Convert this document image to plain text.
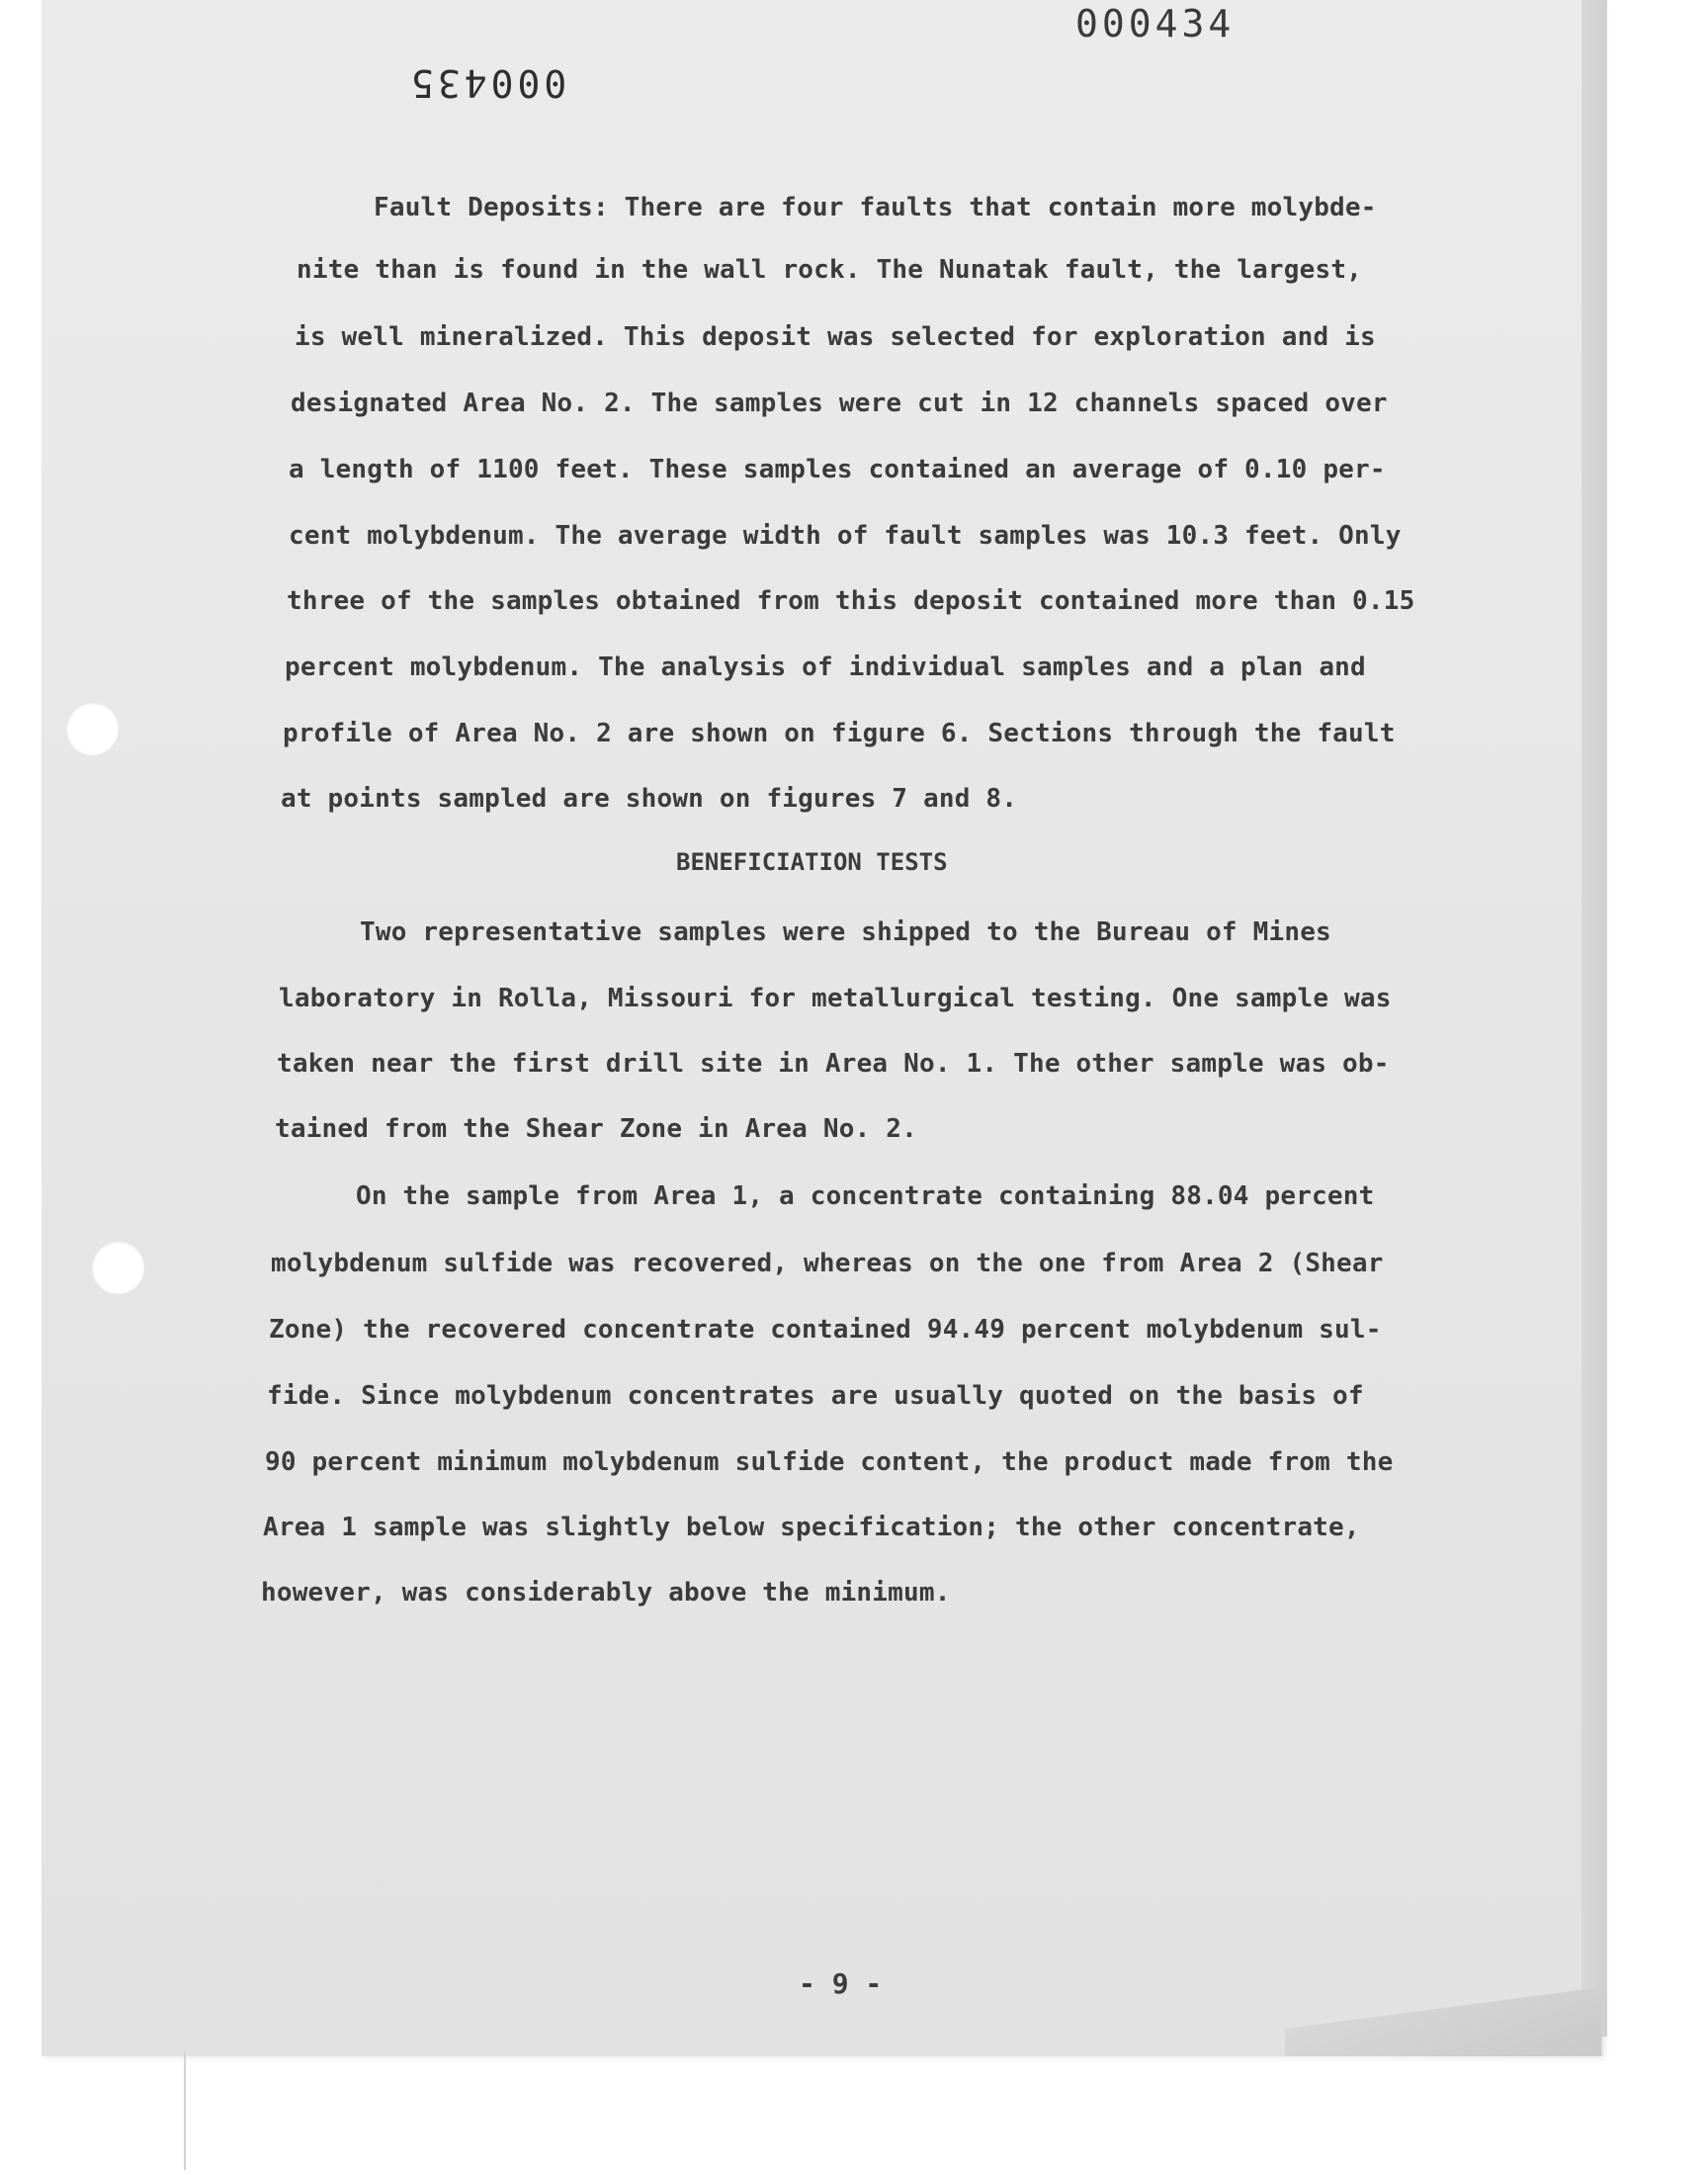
000434
000435
Fault Deposits: There are four faults that contain more molybde-
nite than is found in the wall rock. The Nunatak fault, the largest,
is well mineralized. This deposit was selected for exploration and is
designated Area No. 2. The samples were cut in 12 channels spaced over
a length of 1100 feet. These samples contained an average of 0.10 per-
cent molybdenum. The average width of fault samples was 10.3 feet. Only
three of the samples obtained from this deposit contained more than 0.15
percent molybdenum. The analysis of individual samples and a plan and
profile of Area No. 2 are shown on figure 6. Sections through the fault
at points sampled are shown on figures 7 and 8.
BENEFICIATION TESTS
Two representative samples were shipped to the Bureau of Mines
laboratory in Rolla, Missouri for metallurgical testing. One sample was
taken near the first drill site in Area No. 1. The other sample was ob-
tained from the Shear Zone in Area No. 2.
On the sample from Area 1, a concentrate containing 88.04 percent
molybdenum sulfide was recovered, whereas on the one from Area 2 (Shear
Zone) the recovered concentrate contained 94.49 percent molybdenum sul-
fide. Since molybdenum concentrates are usually quoted on the basis of
90 percent minimum molybdenum sulfide content, the product made from the
Area 1 sample was slightly below specification; the other concentrate,
however, was considerably above the minimum.
- 9 -
